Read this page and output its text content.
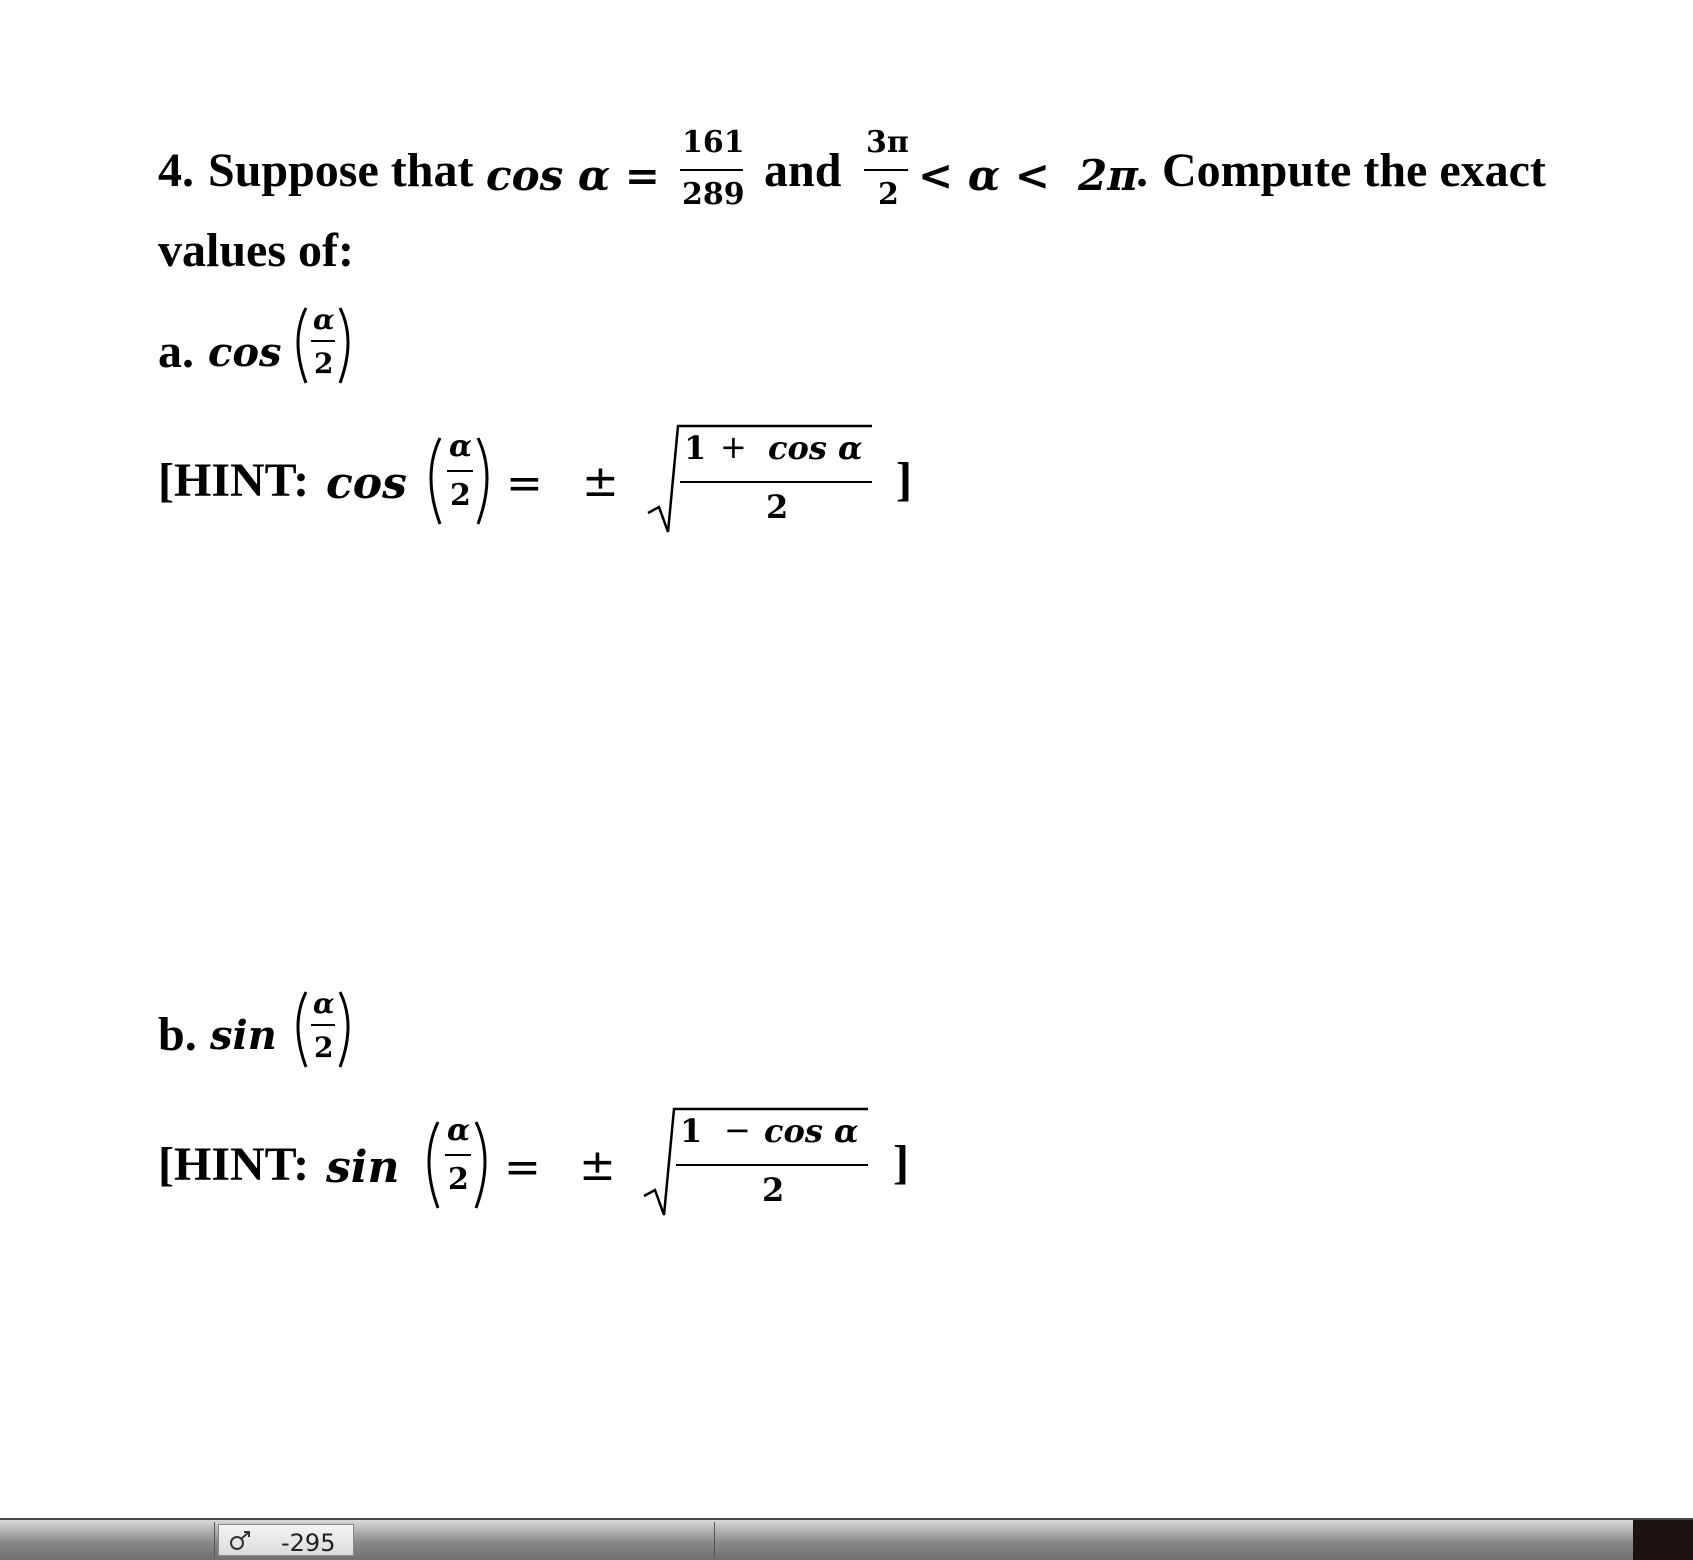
4. Suppose that cos α =
161
289 and
3π
2 < α < 2π
. Compute the exact
values of:
a. cos
α
2
[HINT: cos
α
2 = ±
1 + cos α
2
]
b. sin
α
2
[HINT: sin
α
2 = ±
1 − cos α
2
]
-295
